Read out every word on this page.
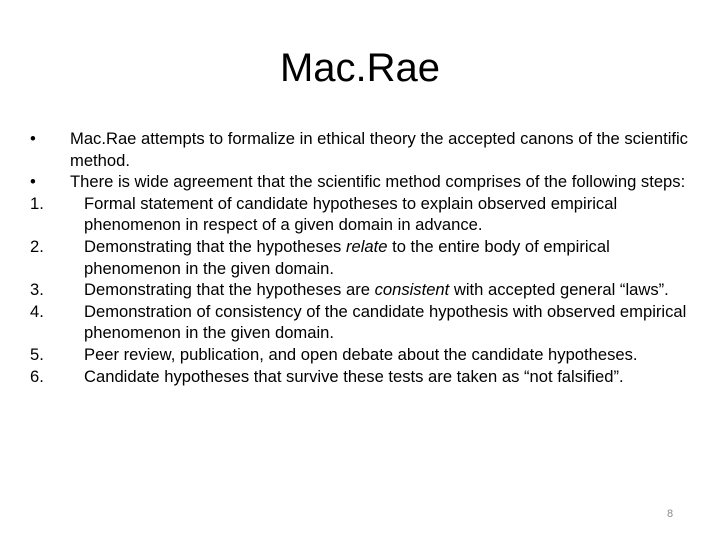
Mac.Rae
•	Mac.Rae attempts to formalize in ethical theory the accepted canons of the scientific method.
•	There is wide agreement that the scientific method comprises of the following steps:
1.	Formal statement of candidate hypotheses to explain observed empirical phenomenon in respect of a given domain in advance.
2.	Demonstrating that the hypotheses relate to the entire body of empirical phenomenon in the given domain.
3.	Demonstrating that the hypotheses are consistent with accepted general “laws”.
4.	Demonstration of consistency of the candidate hypothesis with observed empirical phenomenon in the given domain.
5.	Peer review, publication, and open debate about the candidate hypotheses.
6.	Candidate hypotheses that survive these tests are taken as “not falsified”.
8
